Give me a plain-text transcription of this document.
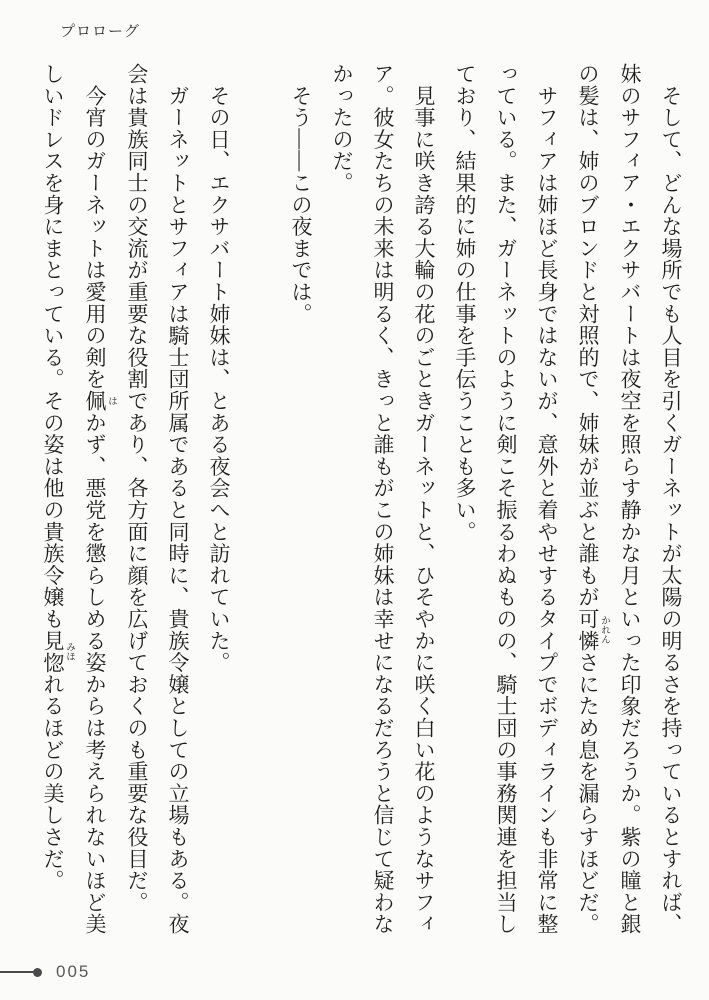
プロローグ
　そして、どんな場所でも人目を引くガーネットが太陽の明るさを持っているとすれば、
妹のサフィア・エクサバートは夜空を照らす静かな月といった印象だろうか。紫の瞳と銀
の髪は、姉のブロンドと対照的で、姉妹が並ぶと誰もが可憐 かれんさにため息を漏らすほどだ。
　サフィアは姉ほど長身ではないが、意外と着やせするタイプでボディラインも非常に整
っている。また、ガーネットのように剣こそ振るわぬものの、騎士団の事務関連を担当し
ており、結果的に姉の仕事を手伝うことも多い。
　見事に咲き誇る大輪の花のごときガーネットと、ひそやかに咲く白い花のようなサフィ
ア。彼女たちの未来は明るく、きっと誰もがこの姉妹は幸せになるだろうと信じて疑わな
かったのだ。
　そう――この夜までは。
　その日、エクサバート姉妹は、とある夜会へと訪れていた。
　ガーネットとサフィアは騎士団所属であると同時に、貴族令嬢としての立場もある。夜
会は貴族同士の交流が重要な役割であり、各方面に顔を広げておくのも重要な役目だ。
　今宵のガーネットは愛用の剣を佩 はかず、悪党を懲らしめる姿からは考えられないほど美
しいドレスを身にまとっている。その姿は他の貴族令嬢も見惚 みほれるほどの美しさだ。
005
